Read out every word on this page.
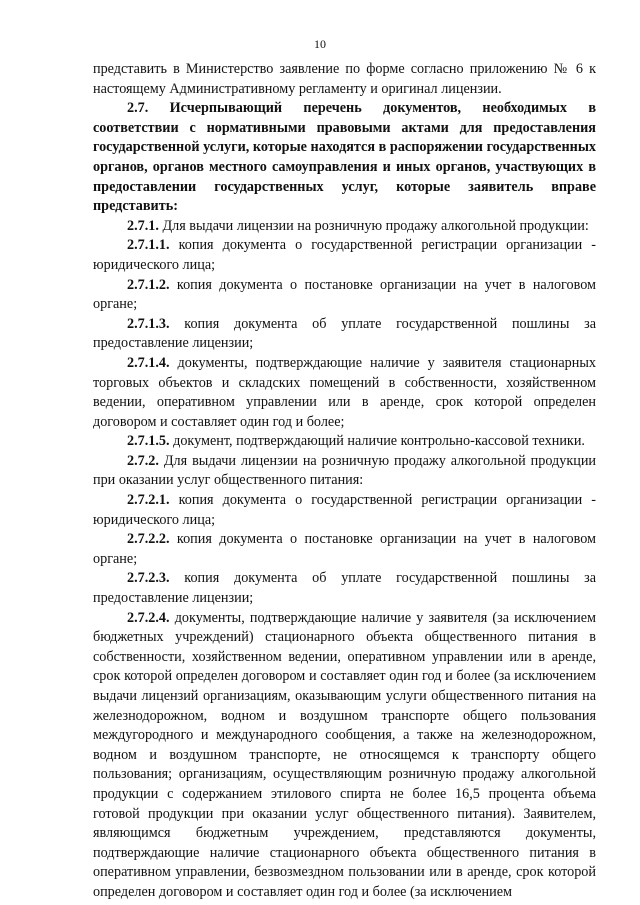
10

представить в Министерство заявление по форме согласно приложению № 6 к настоящему Административному регламенту и оригинал лицензии.

2.7. Исчерпывающий перечень документов, необходимых в соответствии с нормативными правовыми актами для предоставления государственной услуги, которые находятся в распоряжении государственных органов, органов местного самоуправления и иных органов, участвующих в предоставлении государственных услуг, которые заявитель вправе представить:

2.7.1. Для выдачи лицензии на розничную продажу алкогольной продукции:

2.7.1.1. копия документа о государственной регистрации организации - юридического лица;

2.7.1.2. копия документа о постановке организации на учет в налоговом органе;

2.7.1.3. копия документа об уплате государственной пошлины за предоставление лицензии;

2.7.1.4. документы, подтверждающие наличие у заявителя стационарных торговых объектов и складских помещений в собственности, хозяйственном ведении, оперативном управлении или в аренде, срок которой определен договором и составляет один год и более;

2.7.1.5. документ, подтверждающий наличие контрольно-кассовой техники.

2.7.2. Для выдачи лицензии на розничную продажу алкогольной продукции при оказании услуг общественного питания:

2.7.2.1. копия документа о государственной регистрации организации - юридического лица;

2.7.2.2. копия документа о постановке организации на учет в налоговом органе;

2.7.2.3. копия документа об уплате государственной пошлины за предоставление лицензии;

2.7.2.4. документы, подтверждающие наличие у заявителя (за исключением бюджетных учреждений) стационарного объекта общественного питания в собственности, хозяйственном ведении, оперативном управлении или в аренде, срок которой определен договором и составляет один год и более (за исключением выдачи лицензий организациям, оказывающим услуги общественного питания на железнодорожном, водном и воздушном транспорте общего пользования междугородного и международного сообщения, а также на железнодорожном, водном и воздушном транспорте, не относящемся к транспорту общего пользования; организациям, осуществляющим розничную продажу алкогольной продукции с содержанием этилового спирта не более 16,5 процента объема готовой продукции при оказании услуг общественного питания). Заявителем, являющимся бюджетным учреждением, представляются документы, подтверждающие наличие стационарного объекта общественного питания в оперативном управлении, безвозмездном пользовании или в аренде, срок которой определен договором и составляет один год и более (за исключением
